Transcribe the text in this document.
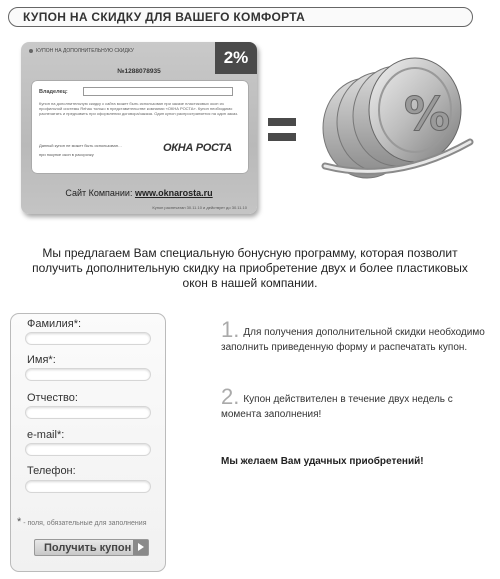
КУПОН НА СКИДКУ ДЛЯ ВАШЕГО КОМФОРТА
КУПОН НА ДОПОЛНИТЕЛЬНУЮ СКИДКУ	2%
№1288078935
Владелец:
Купон на дополнительную скидку с сайта может быть использован при заказе пластиковых окон из профильной системы Rehau только в представительстве компании «ОКНА РОСТА». Купон необходимо распечатать и предъявить при оформлении договора/заказа. Один купон распространяется на один заказ.
Данный купон не может быть использован…
при покупке окон в рассрочку
ОКНА РОСТА
Сайт Компании: www.oknarosta.ru
Купон распечатан 30.11.10 и действует до 30.11.10
%
Мы предлагаем Вам специальную бонусную программу, которая позволит получить дополнительную скидку на приобретение двух и более пластиковых окон в нашей компании.
Фамилия*:
Имя*:
Отчество:
e-mail*:
Телефон:
* - поля, обязательные для заполнения
Получить купон
1. Для получения дополнительной скидки необходимо заполнить приведенную форму и распечатать купон.
2. Купон действителен в течение двух недель с момента заполнения!
Мы желаем Вам удачных приобретений!
